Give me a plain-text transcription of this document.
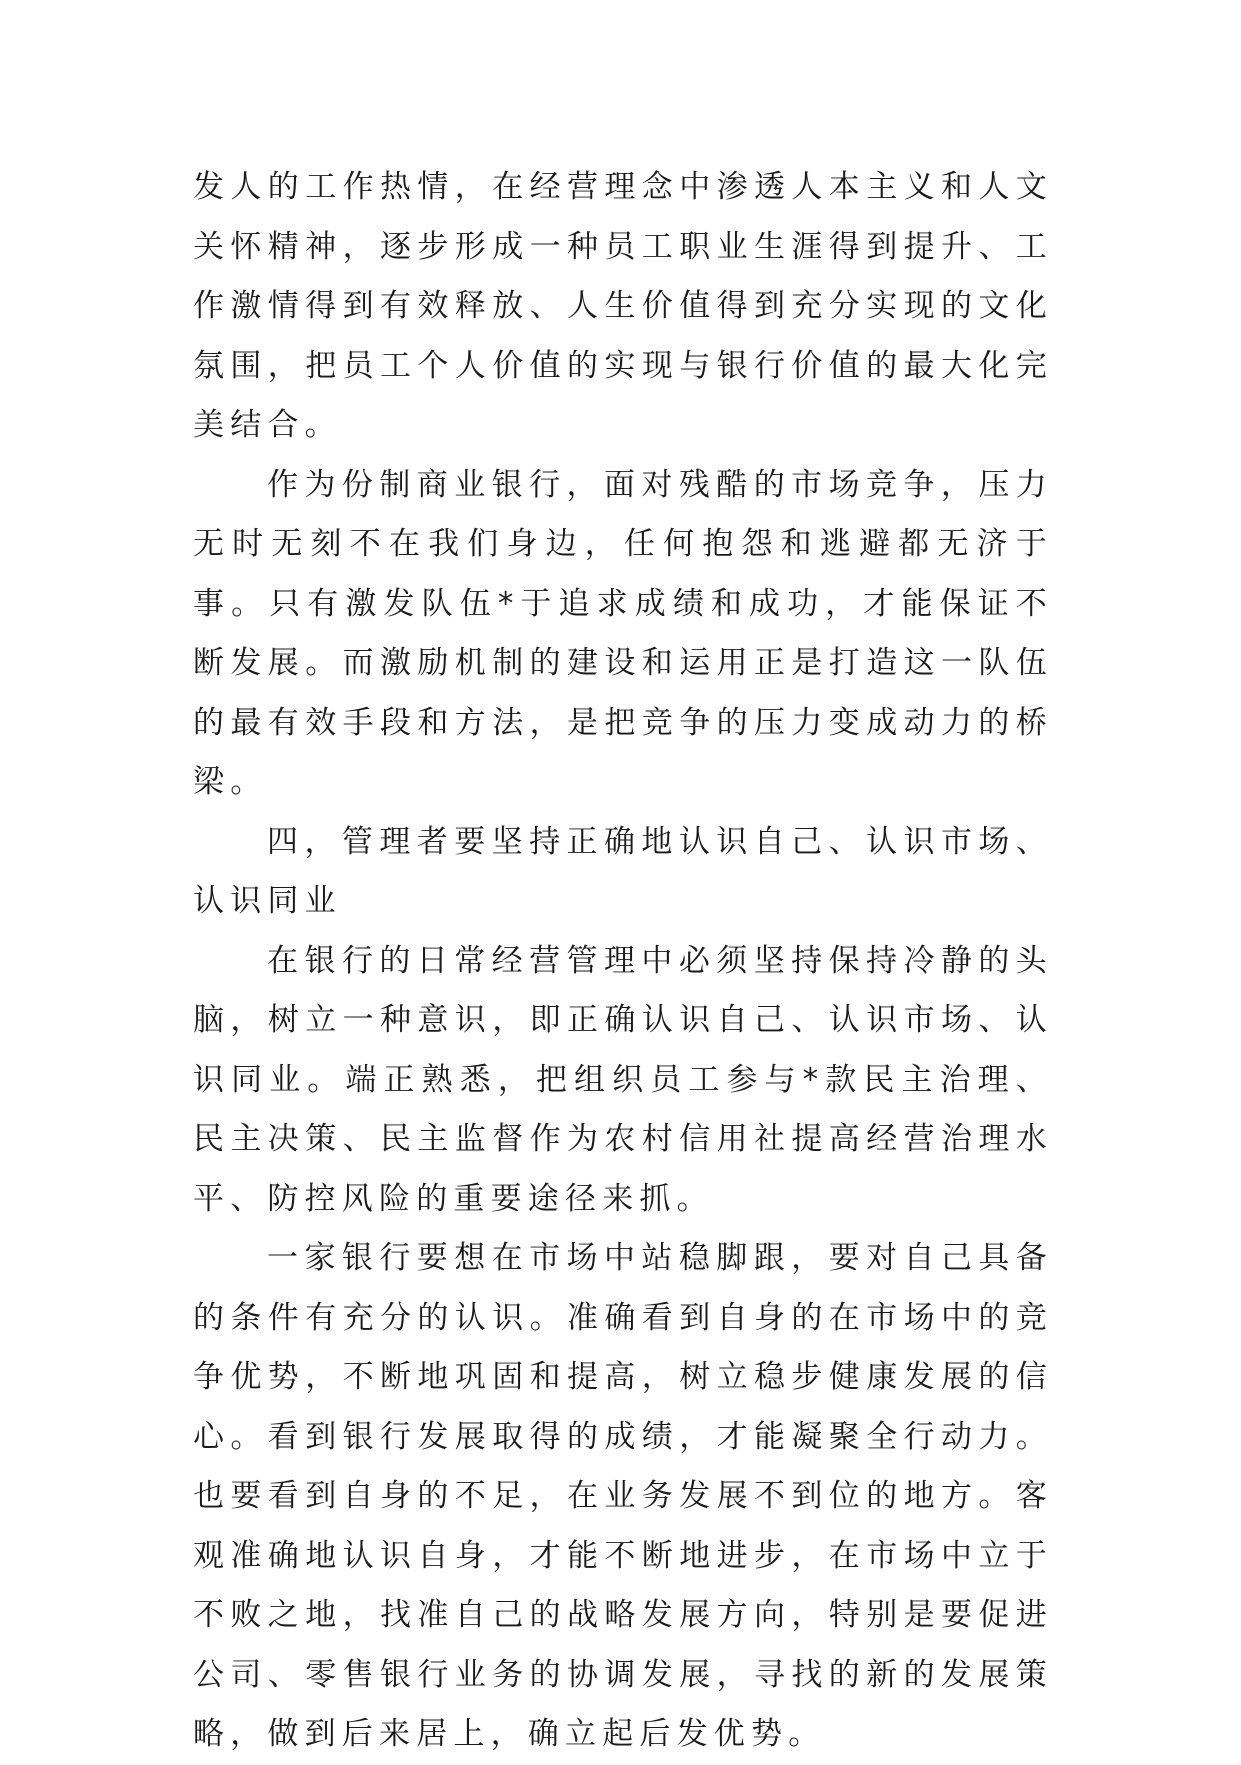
发人的工作热情，在经营理念中渗透人本主义和人文关怀精神，逐步形成一种员工职业生涯得到提升、工作激情得到有效释放、人生价值得到充分实现的文化氛围，把员工个人价值的实现与银行价值的最大化完美结合。

作为份制商业银行，面对残酷的市场竞争，压力无时无刻不在我们身边，任何抱怨和逃避都无济于事。只有激发队伍*于追求成绩和成功，才能保证不断发展。而激励机制的建设和运用正是打造这一队伍的最有效手段和方法，是把竞争的压力变成动力的桥梁。

四，管理者要坚持正确地认识自己、认识市场、认识同业

在银行的日常经营管理中必须坚持保持冷静的头脑，树立一种意识，即正确认识自己、认识市场、认识同业。端正熟悉，把组织员工参与*款民主治理、民主决策、民主监督作为农村信用社提高经营治理水平、防控风险的重要途径来抓。

一家银行要想在市场中站稳脚跟，要对自己具备的条件有充分的认识。准确看到自身的在市场中的竞争优势，不断地巩固和提高，树立稳步健康发展的信心。看到银行发展取得的成绩，才能凝聚全行动力。也要看到自身的不足，在业务发展不到位的地方。客观准确地认识自身，才能不断地进步，在市场中立于不败之地，找准自己的战略发展方向，特别是要促进公司、零售银行业务的协调发展，寻找的新的发展策略，做到后来居上，确立起后发优势。
